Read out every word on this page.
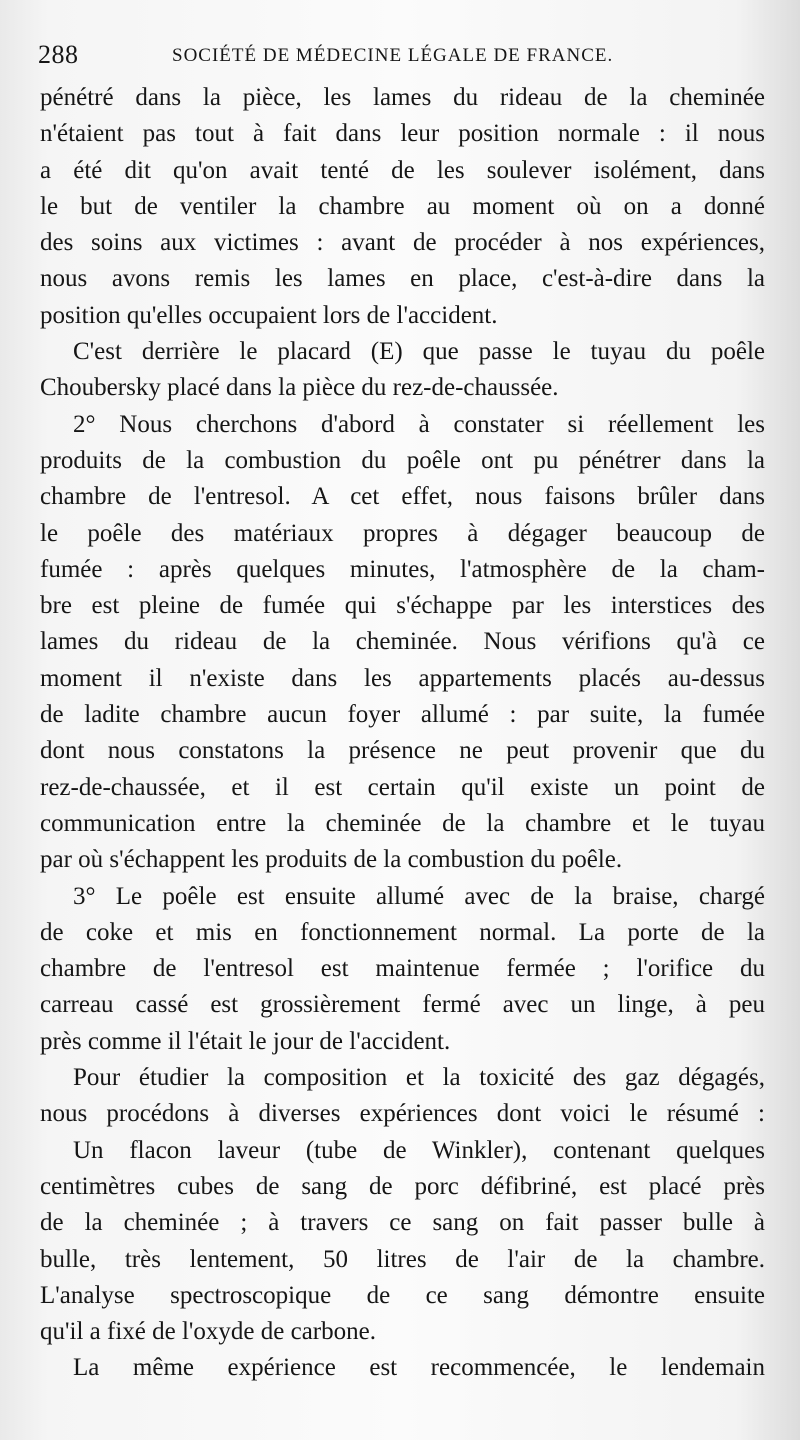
288	SOCIÉTÉ DE MÉDECINE LÉGALE DE FRANCE.
pénétré dans la pièce, les lames du rideau de la cheminée
n'étaient pas tout à fait dans leur position normale : il nous
a été dit qu'on avait tenté de les soulever isolément, dans
le but de ventiler la chambre au moment où on a donné
des soins aux victimes : avant de procéder à nos expériences,
nous avons remis les lames en place, c'est-à-dire dans la
position qu'elles occupaient lors de l'accident.
C'est derrière le placard (E) que passe le tuyau du poêle
Choubersky placé dans la pièce du rez-de-chaussée.
2° Nous cherchons d'abord à constater si réellement les
produits de la combustion du poêle ont pu pénétrer dans la
chambre de l'entresol. A cet effet, nous faisons brûler dans
le poêle des matériaux propres à dégager beaucoup de
fumée : après quelques minutes, l'atmosphère de la cham-
bre est pleine de fumée qui s'échappe par les interstices des
lames du rideau de la cheminée. Nous vérifions qu'à ce
moment il n'existe dans les appartements placés au-dessus
de ladite chambre aucun foyer allumé : par suite, la fumée
dont nous constatons la présence ne peut provenir que du
rez-de-chaussée, et il est certain qu'il existe un point de
communication entre la cheminée de la chambre et le tuyau
par où s'échappent les produits de la combustion du poêle.
3° Le poêle est ensuite allumé avec de la braise, chargé
de coke et mis en fonctionnement normal. La porte de la
chambre de l'entresol est maintenue fermée ; l'orifice du
carreau cassé est grossièrement fermé avec un linge, à peu
près comme il l'était le jour de l'accident.
Pour étudier la composition et la toxicité des gaz dégagés,
nous procédons à diverses expériences dont voici le résumé :
Un flacon laveur (tube de Winkler), contenant quelques
centimètres cubes de sang de porc défibriné, est placé près
de la cheminée ; à travers ce sang on fait passer bulle à
bulle, très lentement, 50 litres de l'air de la chambre.
L'analyse spectroscopique de ce sang démontre ensuite
qu'il a fixé de l'oxyde de carbone.
La même expérience est recommencée, le lendemain
